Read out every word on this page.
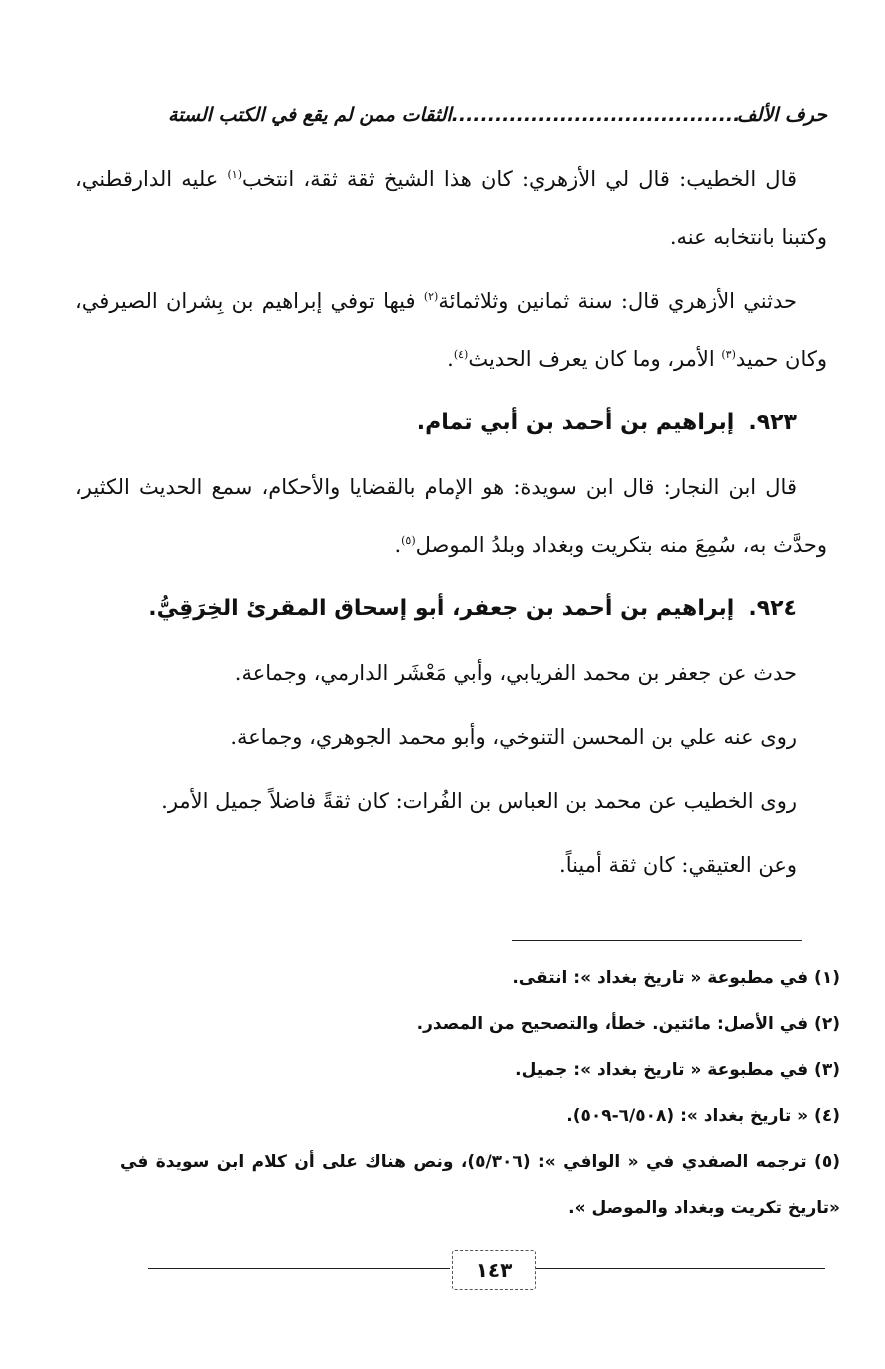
حرف الألف
........................................الثقات ممن لم يقع في الكتب الستة

قال الخطيب: قال لي الأزهري: كان هذا الشيخ ثقة ثقة، انتخب$^{(١)}$ عليه الدارقطني، وكتبنا بانتخابه عنه.

حدثني الأزهري قال: سنة ثمانين وثلاثمائة$^{(٢)}$ فيها توفي إبراهيم بن بِشران الصيرفي، وكان حميد$^{(٣)}$ الأمر، وما كان يعرف الحديث$^{(٤)}$.

٩٢٣.إبراهيم بن أحمد بن أبي تمام.

قال ابن النجار: قال ابن سويدة: هو الإمام بالقضايا والأحكام، سمع الحديث الكثير، وحدَّث به، سُمِعَ منه بتكريت وبغداد وبلدُ الموصل$^{(٥)}$.

٩٢٤.إبراهيم بن أحمد بن جعفر، أبو إسحاق المقرئ الخِرَقِيُّ.

حدث عن جعفر بن محمد الفريابي، وأبي مَعْشَر الدارمي، وجماعة.

روى عنه علي بن المحسن التنوخي، وأبو محمد الجوهري، وجماعة.

روى الخطيب عن محمد بن العباس بن الفُرات: كان ثقةً فاضلاً جميل الأمر.

وعن العتيقي: كان ثقة أميناً.

(١) في مطبوعة « تاريخ بغداد »: انتقى.

(٢) في الأصل: مائتين. خطأ، والتصحيح من المصدر.

(٣) في مطبوعة « تاريخ بغداد »: جميل.

(٤) « تاريخ بغداد »: (٦/٥٠٨-٥٠٩).

(٥) ترجمه الصفدي في « الوافي »: (٥/٣٠٦)، ونص هناك على أن كلام ابن سويدة في «تاريخ تكريت وبغداد والموصل ».

١٤٣
